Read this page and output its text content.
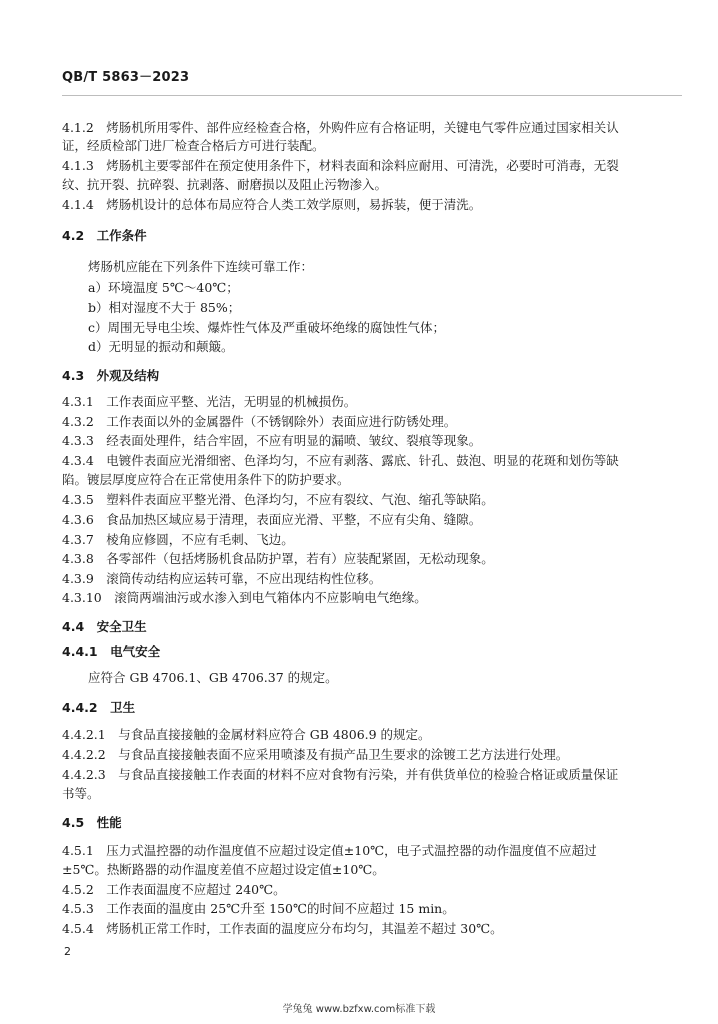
QB/T 5863－2023
4.1.2　烤肠机所用零件、部件应经检查合格，外购件应有合格证明，关键电气零件应通过国家相关认
证，经质检部门进厂检查合格后方可进行装配。
4.1.3　烤肠机主要零部件在预定使用条件下，材料表面和涂料应耐用、可清洗，必要时可消毒，无裂
纹、抗开裂、抗碎裂、抗剥落、耐磨损以及阻止污物渗入。
4.1.4　烤肠机设计的总体布局应符合人类工效学原则，易拆装，便于清洗。
4.2　工作条件
烤肠机应能在下列条件下连续可靠工作：
a）环境温度 5℃～40℃；
b）相对湿度不大于 85%；
c）周围无导电尘埃、爆炸性气体及严重破坏绝缘的腐蚀性气体；
d）无明显的振动和颠簸。
4.3　外观及结构
4.3.1　工作表面应平整、光洁，无明显的机械损伤。
4.3.2　工作表面以外的金属器件（不锈钢除外）表面应进行防锈处理。
4.3.3　经表面处理件，结合牢固，不应有明显的漏喷、皱纹、裂痕等现象。
4.3.4　电镀件表面应光滑细密、色泽均匀，不应有剥落、露底、针孔、鼓泡、明显的花斑和划伤等缺
陷。镀层厚度应符合在正常使用条件下的防护要求。
4.3.5　塑料件表面应平整光滑、色泽均匀，不应有裂纹、气泡、缩孔等缺陷。
4.3.6　食品加热区域应易于清理，表面应光滑、平整，不应有尖角、缝隙。
4.3.7　棱角应修圆，不应有毛刺、飞边。
4.3.8　各零部件（包括烤肠机食品防护罩，若有）应装配紧固，无松动现象。
4.3.9　滚筒传动结构应运转可靠，不应出现结构性位移。
4.3.10　滚筒两端油污或水渗入到电气箱体内不应影响电气绝缘。
4.4　安全卫生
4.4.1　电气安全
应符合 GB 4706.1、GB 4706.37 的规定。
4.4.2　卫生
4.4.2.1　与食品直接接触的金属材料应符合 GB 4806.9 的规定。
4.4.2.2　与食品直接接触表面不应采用喷漆及有损产品卫生要求的涂镀工艺方法进行处理。
4.4.2.3　与食品直接接触工作表面的材料不应对食物有污染，并有供货单位的检验合格证或质量保证
书等。
4.5　性能
4.5.1　压力式温控器的动作温度值不应超过设定值±10℃，电子式温控器的动作温度值不应超过
±5℃。热断路器的动作温度差值不应超过设定值±10℃。
4.5.2　工作表面温度不应超过 240℃。
4.5.3　工作表面的温度由 25℃升至 150℃的时间不应超过 15 min。
4.5.4　烤肠机正常工作时，工作表面的温度应分布均匀，其温差不超过 30℃。
2
学兔兔 www.bzfxw.com标准下载
